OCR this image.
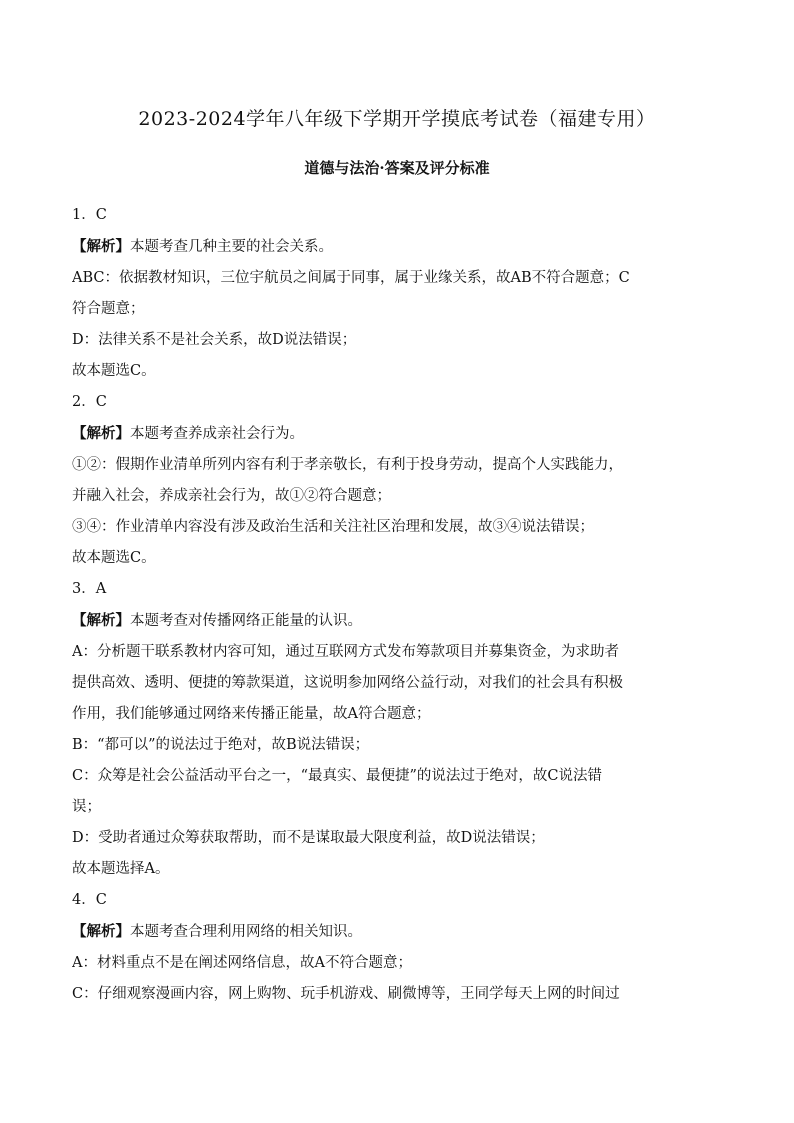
2023-2024学年八年级下学期开学摸底考试卷（福建专用）
道德与法治·答案及评分标准
1．C
【解析】本题考查几种主要的社会关系。
ABC：依据教材知识，三位宇航员之间属于同事，属于业缘关系，故AB不符合题意；C
符合题意；
D：法律关系不是社会关系，故D说法错误；
故本题选C。
2．C
【解析】本题考查养成亲社会行为。
①②：假期作业清单所列内容有利于孝亲敬长，有利于投身劳动，提高个人实践能力，
并融入社会，养成亲社会行为，故①②符合题意；
③④：作业清单内容没有涉及政治生活和关注社区治理和发展，故③④说法错误；
故本题选C。
3．A
【解析】本题考查对传播网络正能量的认识。
A：分析题干联系教材内容可知，通过互联网方式发布筹款项目并募集资金，为求助者
提供高效、透明、便捷的筹款渠道，这说明参加网络公益行动，对我们的社会具有积极
作用，我们能够通过网络来传播正能量，故A符合题意；
B：“都可以”的说法过于绝对，故B说法错误；
C：众筹是社会公益活动平台之一，“最真实、最便捷”的说法过于绝对，故C说法错
误；
D：受助者通过众筹获取帮助，而不是谋取最大限度利益，故D说法错误；
故本题选择A。
4．C
【解析】本题考查合理利用网络的相关知识。
A：材料重点不是在阐述网络信息，故A不符合题意；
C：仔细观察漫画内容，网上购物、玩手机游戏、刷微博等，王同学每天上网的时间过
